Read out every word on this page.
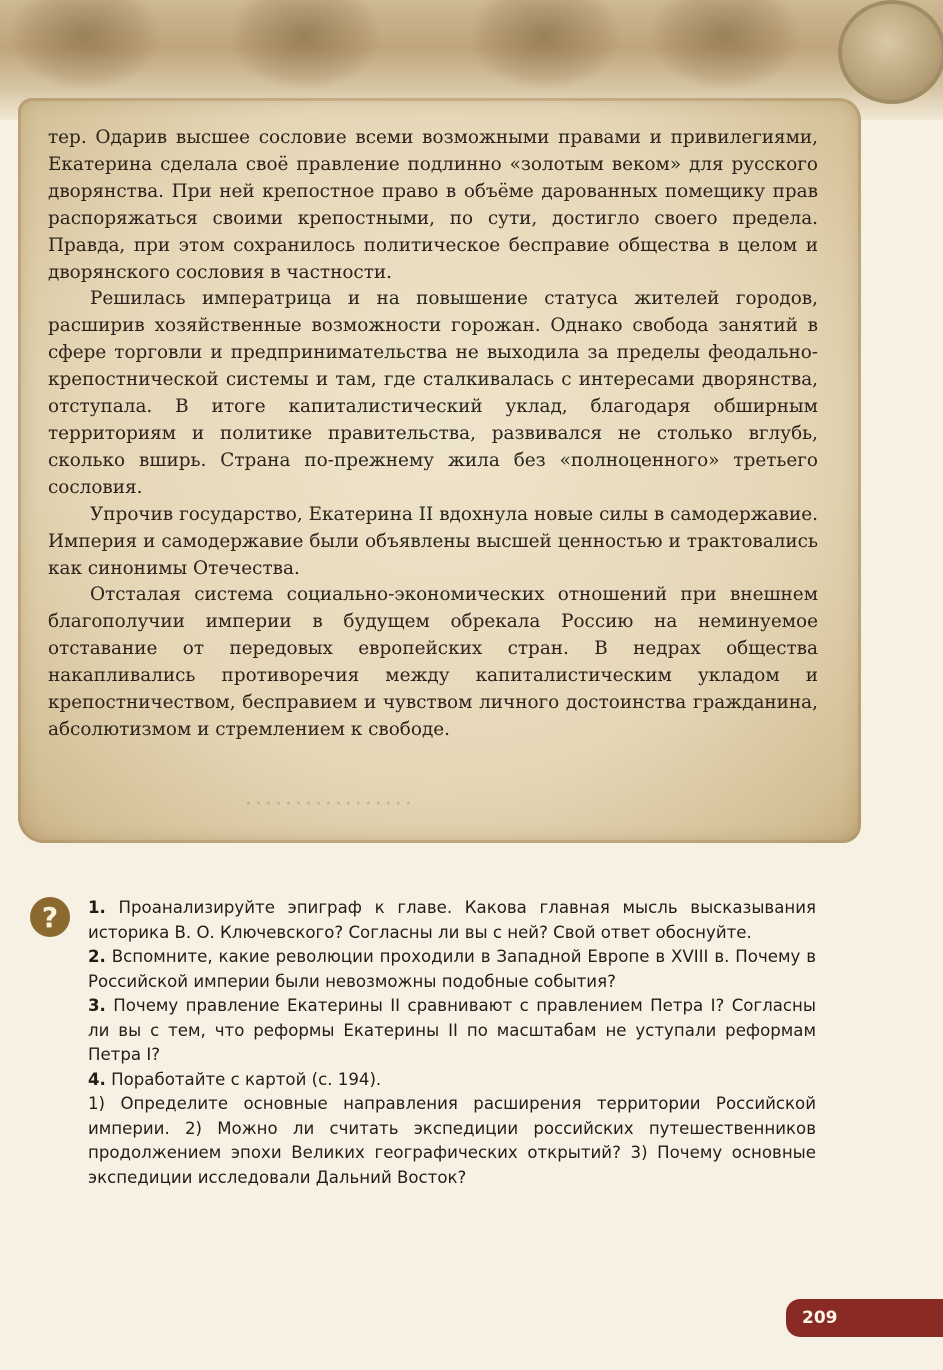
тер. Одарив высшее сословие всеми возможными правами и привилегиями, Екатерина сделала своё правление подлинно «золотым веком» для русского дворянства. При ней крепостное право в объёме дарованных помещику прав распоряжаться своими крепостными, по сути, достигло своего предела. Правда, при этом сохранилось политическое бесправие общества в целом и дворянского сословия в частности.

Решилась императрица и на повышение статуса жителей городов, расширив хозяйственные возможности горожан. Однако свобода занятий в сфере торговли и предпринимательства не выходила за пределы феодально-крепостнической системы и там, где сталкивалась с интересами дворянства, отступала. В итоге капиталистический уклад, благодаря обширным территориям и политике правительства, развивался не столько вглубь, сколько вширь. Страна по-прежнему жила без «полноценного» третьего сословия.

Упрочив государство, Екатерина II вдохнула новые силы в самодержавие. Империя и самодержавие были объявлены высшей ценностью и трактовались как синонимы Отечества.

Отсталая система социально-экономических отношений при внешнем благополучии империи в будущем обрекала Россию на неминуемое отставание от передовых европейских стран. В недрах общества накапливались противоречия между капиталистическим укладом и крепостничеством, бесправием и чувством личного достоинства гражданина, абсолютизмом и стремлением к свободе.

·················
?	1. Проанализируйте эпиграф к главе. Какова главная мысль высказывания историка В. О. Ключевского? Согласны ли вы с ней? Свой ответ обоснуйте.

2. Вспомните, какие революции проходили в Западной Европе в XVIII в. Почему в Российской империи были невозможны подобные события?

3. Почему правление Екатерины II сравнивают с правлением Петра I? Согласны ли вы с тем, что реформы Екатерины II по масштабам не уступали реформам Петра I?

4. Поработайте с картой (с. 194).

1) Определите основные направления расширения территории Российской империи. 2) Можно ли считать экспедиции российских путешественников продолжением эпохи Великих географических открытий? 3) Почему основные экспедиции исследовали Дальний Восток?

209
